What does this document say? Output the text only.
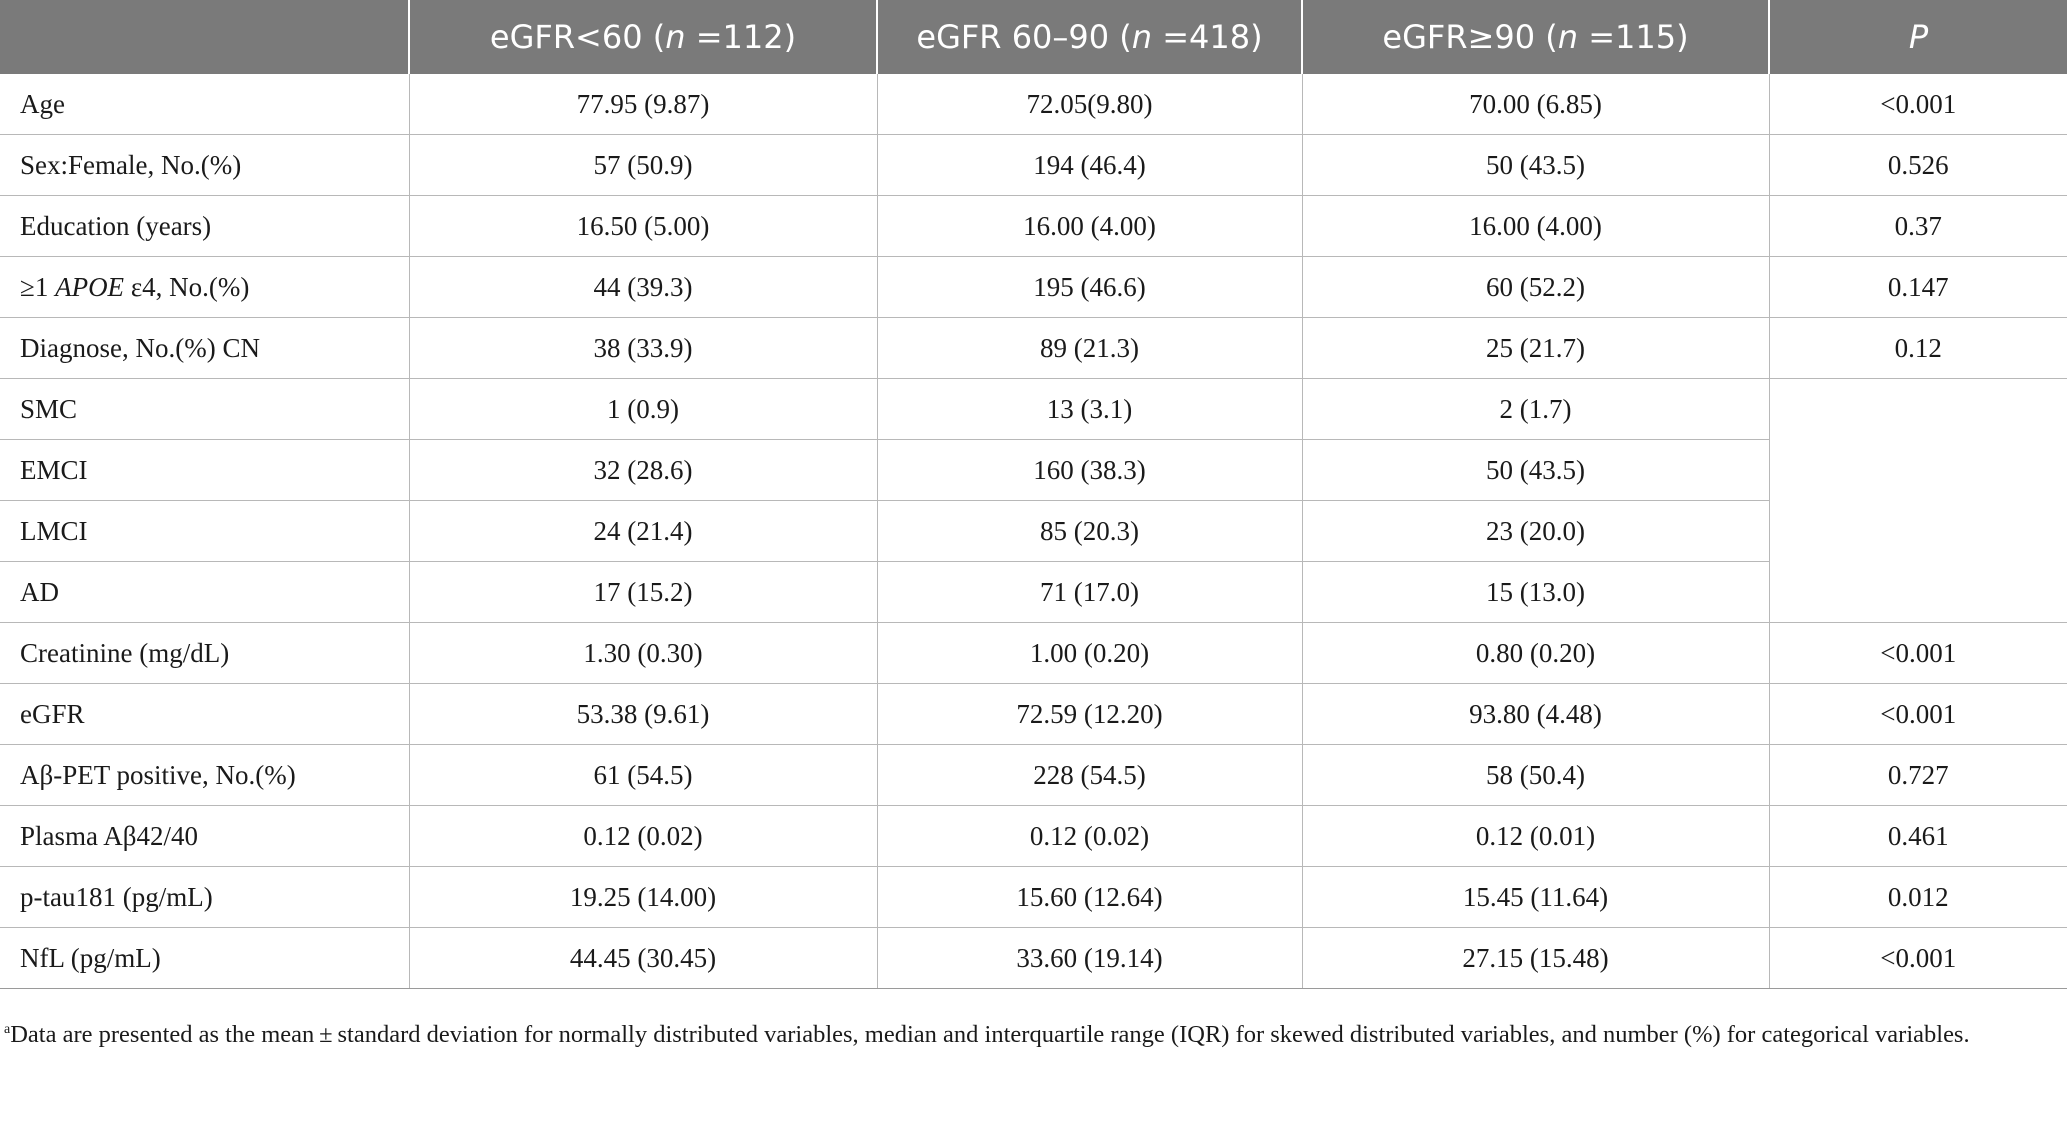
	eGFR<60 (n =112)	eGFR 60–90 (n =418)	eGFR≥90 (n =115)	P
Age	77.95 (9.87)	72.05(9.80)	70.00 (6.85)	<0.001
Sex:Female, No.(%)	57 (50.9)	194 (46.4)	50 (43.5)	0.526
Education (years)	16.50 (5.00)	16.00 (4.00)	16.00 (4.00)	0.37
≥1 APOE ε4, No.(%)	44 (39.3)	195 (46.6)	60 (52.2)	0.147
Diagnose, No.(%) CN	38 (33.9)	89 (21.3)	25 (21.7)	0.12
SMC	1 (0.9)	13 (3.1)	2 (1.7)	
EMCI	32 (28.6)	160 (38.3)	50 (43.5)	
LMCI	24 (21.4)	85 (20.3)	23 (20.0)	
AD	17 (15.2)	71 (17.0)	15 (13.0)	
Creatinine (mg/dL)	1.30 (0.30)	1.00 (0.20)	0.80 (0.20)	<0.001
eGFR	53.38 (9.61)	72.59 (12.20)	93.80 (4.48)	<0.001
Aβ-PET positive, No.(%)	61 (54.5)	228 (54.5)	58 (50.4)	0.727
Plasma Aβ42/40	0.12 (0.02)	0.12 (0.02)	0.12 (0.01)	0.461
p-tau181 (pg/mL)	19.25 (14.00)	15.60 (12.64)	15.45 (11.64)	0.012
NfL (pg/mL)	44.45 (30.45)	33.60 (19.14)	27.15 (15.48)	<0.001
$^a$Data are presented as the mean ± standard deviation for normally distributed variables, median and interquartile range (IQR) for skewed distributed variables, and number (%) for categorical variables.
